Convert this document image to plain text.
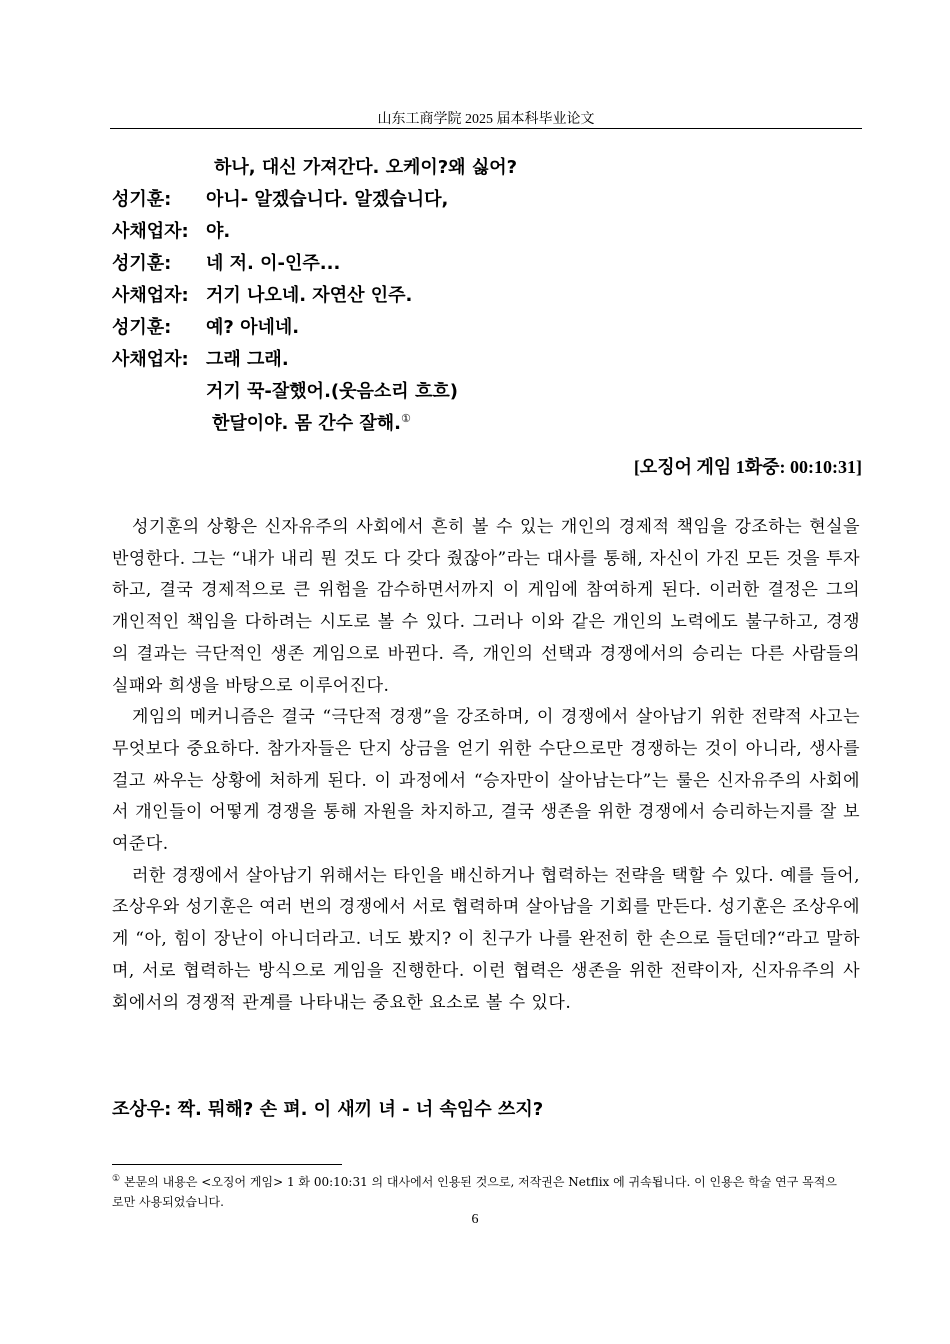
山东工商学院 2025 届本科毕业论文
하나, 대신 가져간다. 오케이?왜 싫어?
성기훈: 아니- 알겠습니다. 알겠습니다,
사채업자: 야.
성기훈: 네 저. 이-인주...
사채업자: 거기 나오네. 자연산 인주.
성기훈: 예? 아네네.
사채업자: 그래 그래.
거기 꾹-잘했어.(웃음소리 흐흐)
한달이야. 몸 간수 잘해.①
[오징어 게임 1화중: 00:10:31]

성기훈의 상황은 신자유주의 사회에서 흔히 볼 수 있는 개인의 경제적 책임을 강조하는 현실을 반영한다. 그는 “내가 내리 뭔 것도 다 갖다 줬잖아”라는 대사를 통해, 자신이 가진 모든 것을 투자하고, 결국 경제적으로 큰 위험을 감수하면서까지 이 게임에 참여하게 된다. 이러한 결정은 그의 개인적인 책임을 다하려는 시도로 볼 수 있다. 그러나 이와 같은 개인의 노력에도 불구하고, 경쟁의 결과는 극단적인 생존 게임으로 바뀐다. 즉, 개인의 선택과 경쟁에서의 승리는 다른 사람들의 실패와 희생을 바탕으로 이루어진다.

게임의 메커니즘은 결국 “극단적 경쟁”을 강조하며, 이 경쟁에서 살아남기 위한 전략적 사고는 무엇보다 중요하다. 참가자들은 단지 상금을 얻기 위한 수단으로만 경쟁하는 것이 아니라, 생사를 걸고 싸우는 상황에 처하게 된다. 이 과정에서 “승자만이 살아남는다”는 룰은 신자유주의 사회에서 개인들이 어떻게 경쟁을 통해 자원을 차지하고, 결국 생존을 위한 경쟁에서 승리하는지를 잘 보여준다.

러한 경쟁에서 살아남기 위해서는 타인을 배신하거나 협력하는 전략을 택할 수 있다. 예를 들어, 조상우와 성기훈은 여러 번의 경쟁에서 서로 협력하며 살아남을 기회를 만든다. 성기훈은 조상우에게 “아, 힘이 장난이 아니더라고. 너도 봤지? 이 친구가 나를 완전히 한 손으로 들던데?“라고 말하며, 서로 협력하는 방식으로 게임을 진행한다. 이런 협력은 생존을 위한 전략이자, 신자유주의 사회에서의 경쟁적 관계를 나타내는 중요한 요소로 볼 수 있다.

조상우: 짝. 뭐해? 손 펴. 이 새끼 녀 - 너 속임수 쓰지?
① 본문의 내용은 <오징어 게임> 1 화 00:10:31 의 대사에서 인용된 것으로, 저작권은 Netflix 에 귀속됩니다. 이 인용은 학술 연구 목적으로만 사용되었습니다.
6
